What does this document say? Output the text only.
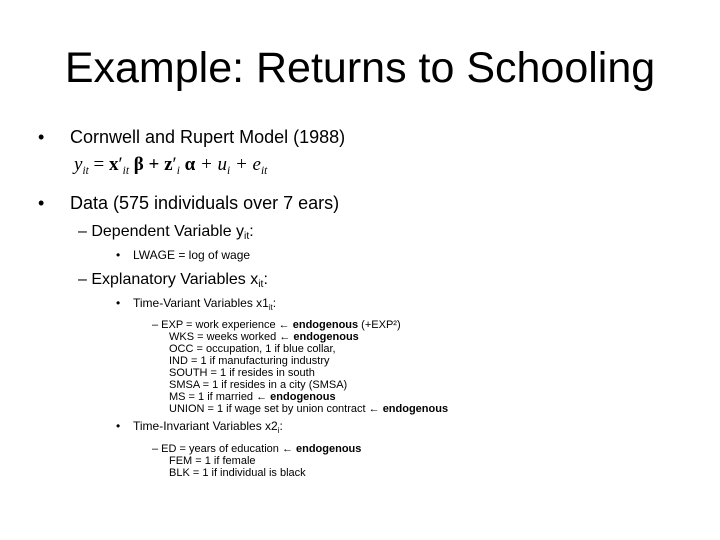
Example: Returns to Schooling
• Cornwell and Rupert Model (1988)
$y_{it} = x'_{it}$ $\beta + z'_i$ $\alpha + u_i + e_{it}$
• Data (575 individuals over 7 ears)
– Dependent Variable $y_{it}$:
• LWAGE = log of wage
– Explanatory Variables $x_{it}$:
• Time-Variant Variables $x1_{it}$:
– EXP = work experience ← endogenous (+EXP²)
WKS = weeks worked ← endogenous
OCC = occupation, 1 if blue collar,
IND = 1 if manufacturing industry
SOUTH = 1 if resides in south
SMSA = 1 if resides in a city (SMSA)
MS = 1 if married ← endogenous
UNION = 1 if wage set by union contract ← endogenous
• Time-Invariant Variables $x2_i$:
– ED = years of education ← endogenous
FEM = 1 if female
BLK = 1 if individual is black
